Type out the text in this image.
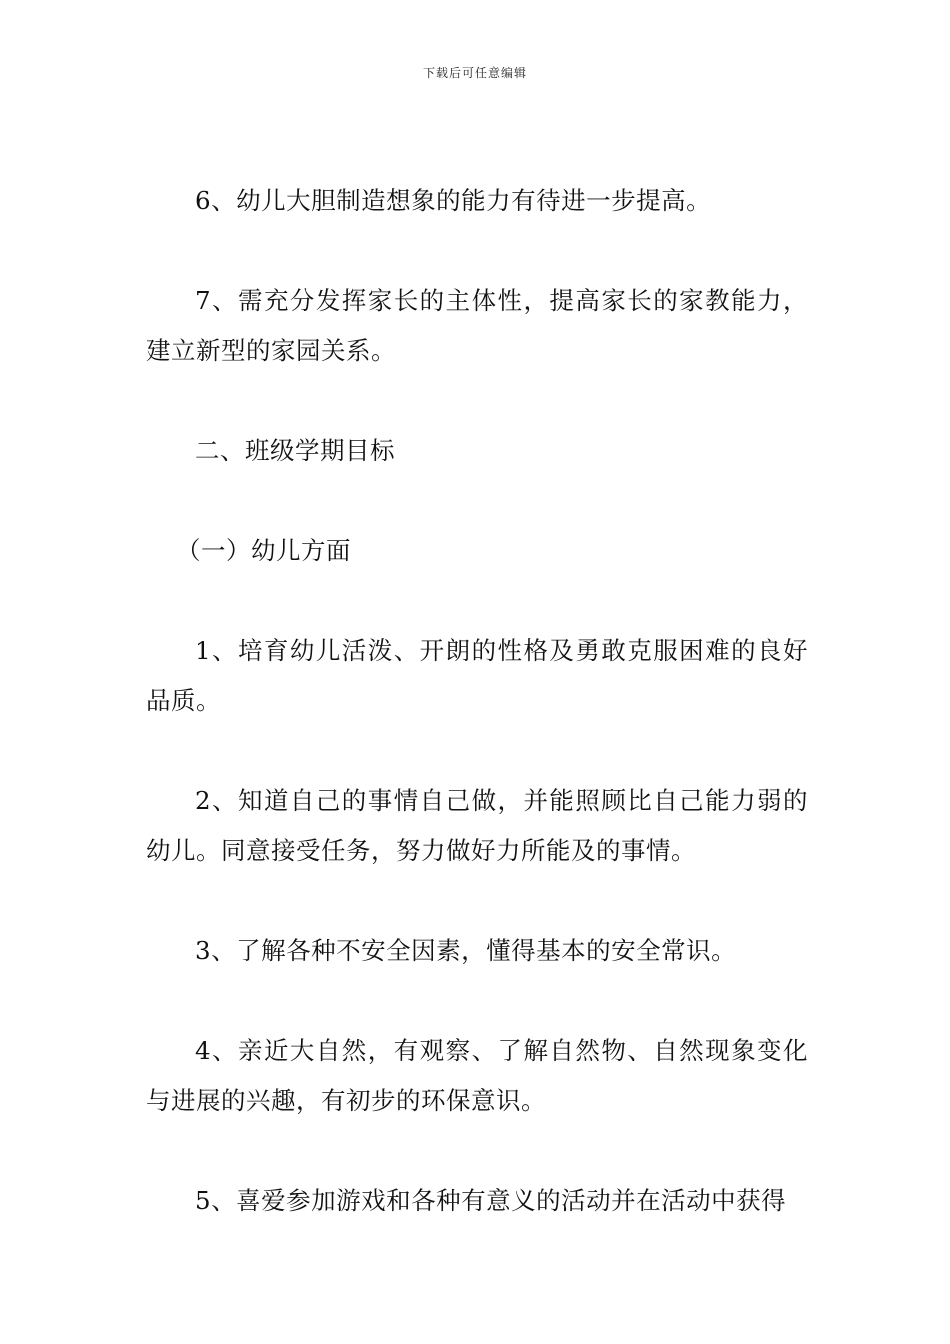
下载后可任意编辑

6、幼儿大胆制造想象的能力有待进一步提高。

7、需充分发挥家长的主体性，提高家长的家教能力，建立新型的家园关系。

二、班级学期目标

（一）幼儿方面

1、培育幼儿活泼、开朗的性格及勇敢克服困难的良好品质。

2、知道自己的事情自己做，并能照顾比自己能力弱的幼儿。同意接受任务，努力做好力所能及的事情。

3、了解各种不安全因素，懂得基本的安全常识。

4、亲近大自然，有观察、了解自然物、自然现象变化与进展的兴趣，有初步的环保意识。

5、喜爱参加游戏和各种有意义的活动并在活动中获得
